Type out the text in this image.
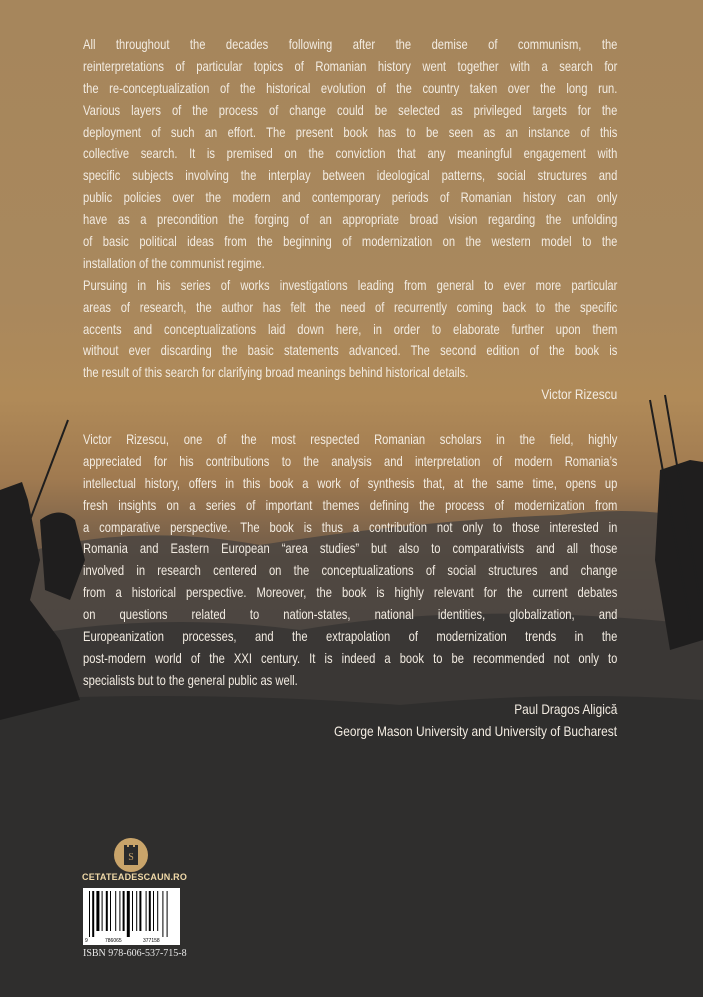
All throughout the decades following after the demise of communism, the
reinterpretations of particular topics of Romanian history went together with a search for
the re-conceptualization of the historical evolution of the country taken over the long run.
Various layers of the process of change could be selected as privileged targets for the
deployment of such an effort. The present book has to be seen as an instance of this
collective search. It is premised on the conviction that any meaningful engagement with
specific subjects involving the interplay between ideological patterns, social structures and
public policies over the modern and contemporary periods of Romanian history can only
have as a precondition the forging of an appropriate broad vision regarding the unfolding
of basic political ideas from the beginning of modernization on the western model to the
installation of the communist regime.
Pursuing in his series of works investigations leading from general to ever more particular
areas of research, the author has felt the need of recurrently coming back to the specific
accents and conceptualizations laid down here, in order to elaborate further upon them
without ever discarding the basic statements advanced. The second edition of the book is
the result of this search for clarifying broad meanings behind historical details.
Victor Rizescu
Victor Rizescu, one of the most respected Romanian scholars in the field, highly
appreciated for his contributions to the analysis and interpretation of modern Romania’s
intellectual history, offers in this book a work of synthesis that, at the same time, opens up
fresh insights on a series of important themes defining the process of modernization from
a comparative perspective. The book is thus a contribution not only to those interested in
Romania and Eastern European “area studies” but also to comparativists and all those
involved in research centered on the conceptualizations of social structures and change
from a historical perspective. Moreover, the book is highly relevant for the current debates
on questions related to nation-states, national identities, globalization, and
Europeanization processes, and the extrapolation of modernization trends in the
post-modern world of the XXI century. It is indeed a book to be recommended not only to
specialists but to the general public as well.
Paul Dragos Aligică
George Mason University and University of Bucharest
S
CETATEADESCAUN.RO
9	786065	377158
ISBN 978-606-537-715-8
